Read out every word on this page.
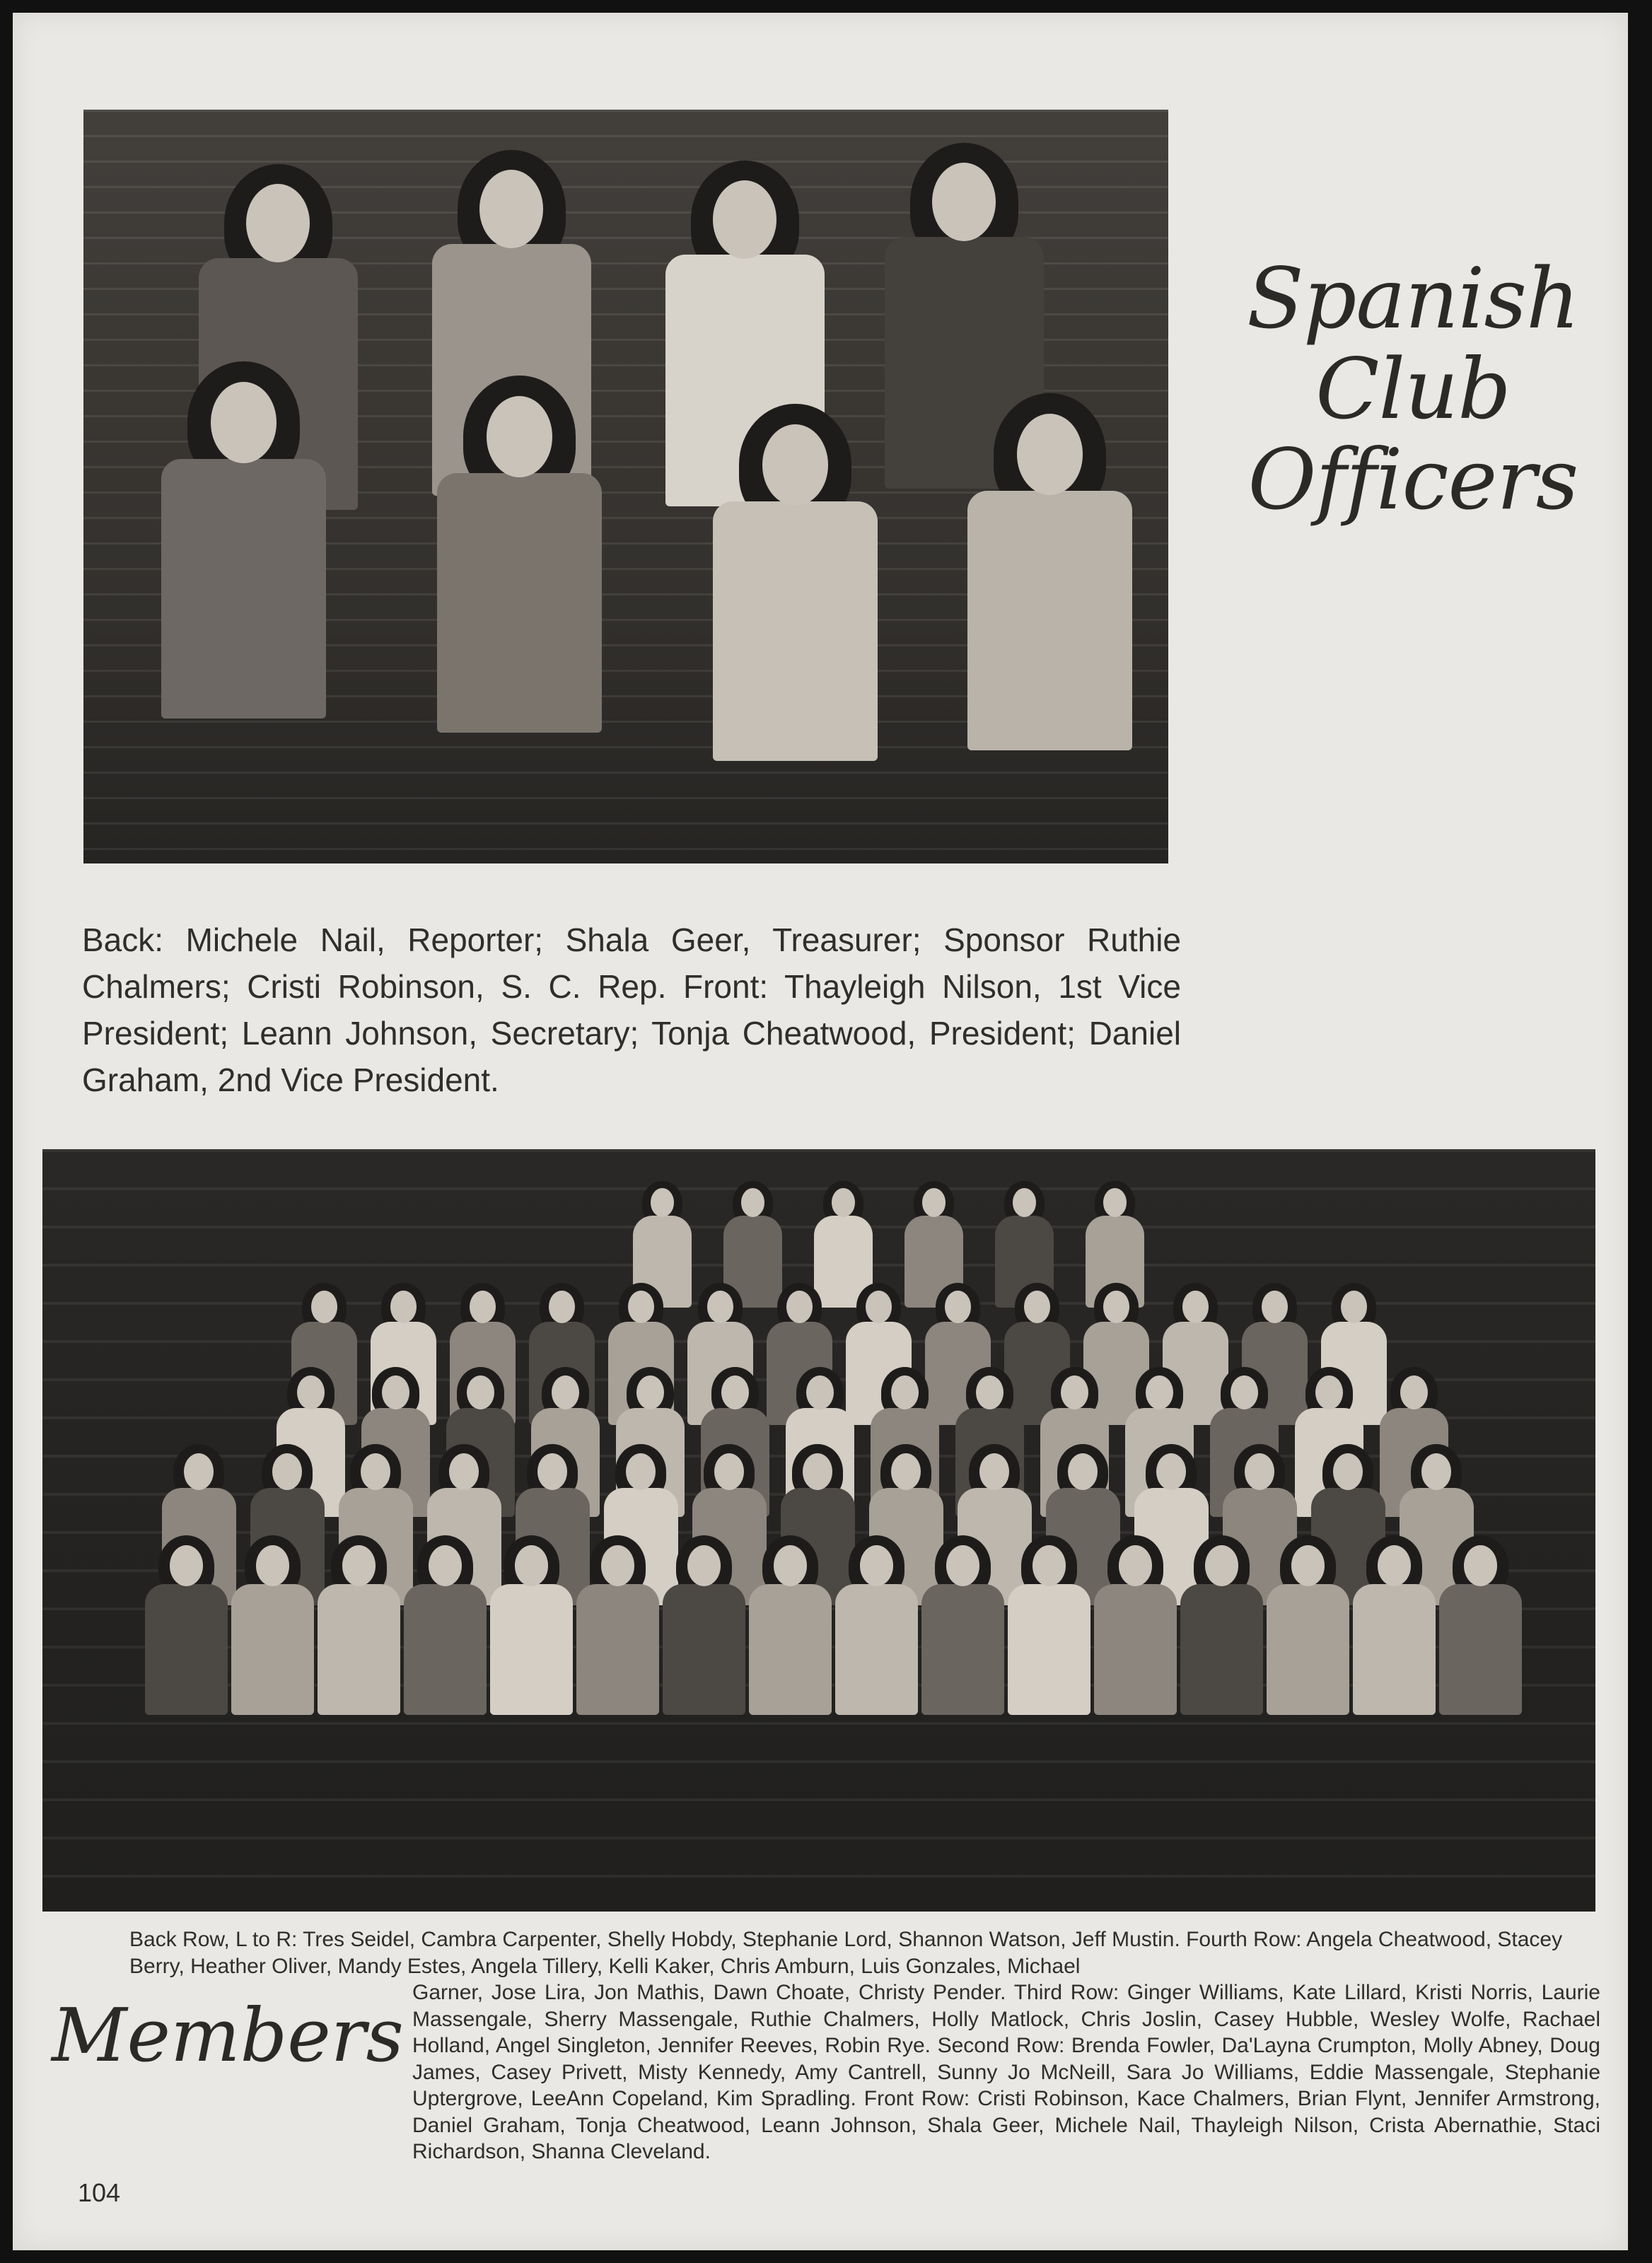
Spanish
Club
Officers
Back: Michele Nail, Reporter; Shala Geer, Treasurer; Sponsor Ruthie Chalmers; Cristi Robinson, S. C. Rep. Front: Thayleigh Nilson, 1st Vice President; Leann Johnson, Secretary; Tonja Cheatwood, President; Daniel Graham, 2nd Vice President.

Back Row, L to R: Tres Seidel, Cambra Carpenter, Shelly Hobdy, Stephanie Lord, Shannon Watson, Jeff Mustin. Fourth Row: Angela Cheatwood, Stacey Berry, Heather Oliver, Mandy Estes, Angela Tillery, Kelli Kaker, Chris Amburn, Luis Gonzales, Michael

Garner, Jose Lira, Jon Mathis, Dawn Choate, Christy Pender. Third Row: Ginger Williams, Kate Lillard, Kristi Norris, Laurie Massengale, Sherry Massengale, Ruthie Chalmers, Holly Matlock, Chris Joslin, Casey Hubble, Wesley Wolfe, Rachael Holland, Angel Singleton, Jennifer Reeves, Robin Rye. Second Row: Brenda Fowler, Da'Layna Crumpton, Molly Abney, Doug James, Casey Privett, Misty Kennedy, Amy Cantrell, Sunny Jo McNeill, Sara Jo Williams, Eddie Massengale, Stephanie Uptergrove, LeeAnn Copeland, Kim Spradling. Front Row: Cristi Robinson, Kace Chalmers, Brian Flynt, Jennifer Armstrong, Daniel Graham, Tonja Cheatwood, Leann Johnson, Shala Geer, Michele Nail, Thayleigh Nilson, Crista Abernathie, Staci Richardson, Shanna Cleveland.

Members
104
